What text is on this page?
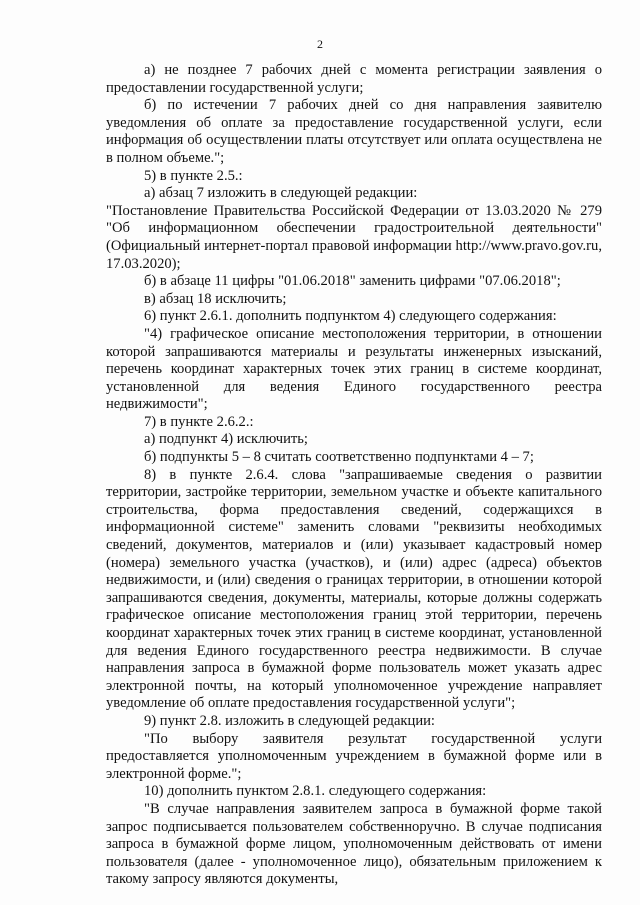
2

а) не позднее 7 рабочих дней с момента регистрации заявления о предоставлении государственной услуги;

б) по истечении 7 рабочих дней со дня направления заявителю уведомления об оплате за предоставление государственной услуги, если информация об осуществлении платы отсутствует или оплата осуществлена не в полном объеме.";

5) в пункте 2.5.:

а) абзац 7 изложить в следующей редакции:

"Постановление Правительства Российской Федерации от 13.03.2020 № 279 "Об информационном обеспечении градостроительной деятельности" (Официальный интернет-портал правовой информации http://www.pravo.gov.ru, 17.03.2020);

б) в абзаце 11 цифры "01.06.2018" заменить цифрами "07.06.2018";

в) абзац 18 исключить;

6) пункт 2.6.1. дополнить подпунктом 4) следующего содержания:

"4) графическое описание местоположения территории, в отношении которой запрашиваются материалы и результаты инженерных изысканий, перечень координат характерных точек этих границ в системе координат, установленной для ведения Единого государственного реестра недвижимости";

7) в пункте 2.6.2.:

а) подпункт 4) исключить;

б) подпункты 5 – 8 считать соответственно подпунктами 4 – 7;

8) в пункте 2.6.4. слова "запрашиваемые сведения о развитии территории, застройке территории, земельном участке и объекте капитального строительства, форма предоставления сведений, содержащихся в информационной системе" заменить словами "реквизиты необходимых сведений, документов, материалов и (или) указывает кадастровый номер (номера) земельного участка (участков), и (или) адрес (адреса) объектов недвижимости, и (или) сведения о границах территории, в отношении которой запрашиваются сведения, документы, материалы, которые должны содержать графическое описание местоположения границ этой территории, перечень координат характерных точек этих границ в системе координат, установленной для ведения Единого государственного реестра недвижимости. В случае направления запроса в бумажной форме пользователь может указать адрес электронной почты, на который уполномоченное учреждение направляет уведомление об оплате предоставления государственной услуги";

9) пункт 2.8. изложить в следующей редакции:

"По выбору заявителя результат государственной услуги предоставляется уполномоченным учреждением в бумажной форме или в электронной форме.";

10) дополнить пунктом 2.8.1. следующего содержания:

"В случае направления заявителем запроса в бумажной форме такой запрос подписывается пользователем собственноручно. В случае подписания запроса в бумажной форме лицом, уполномоченным действовать от имени пользователя (далее - уполномоченное лицо), обязательным приложением к такому запросу являются документы,
